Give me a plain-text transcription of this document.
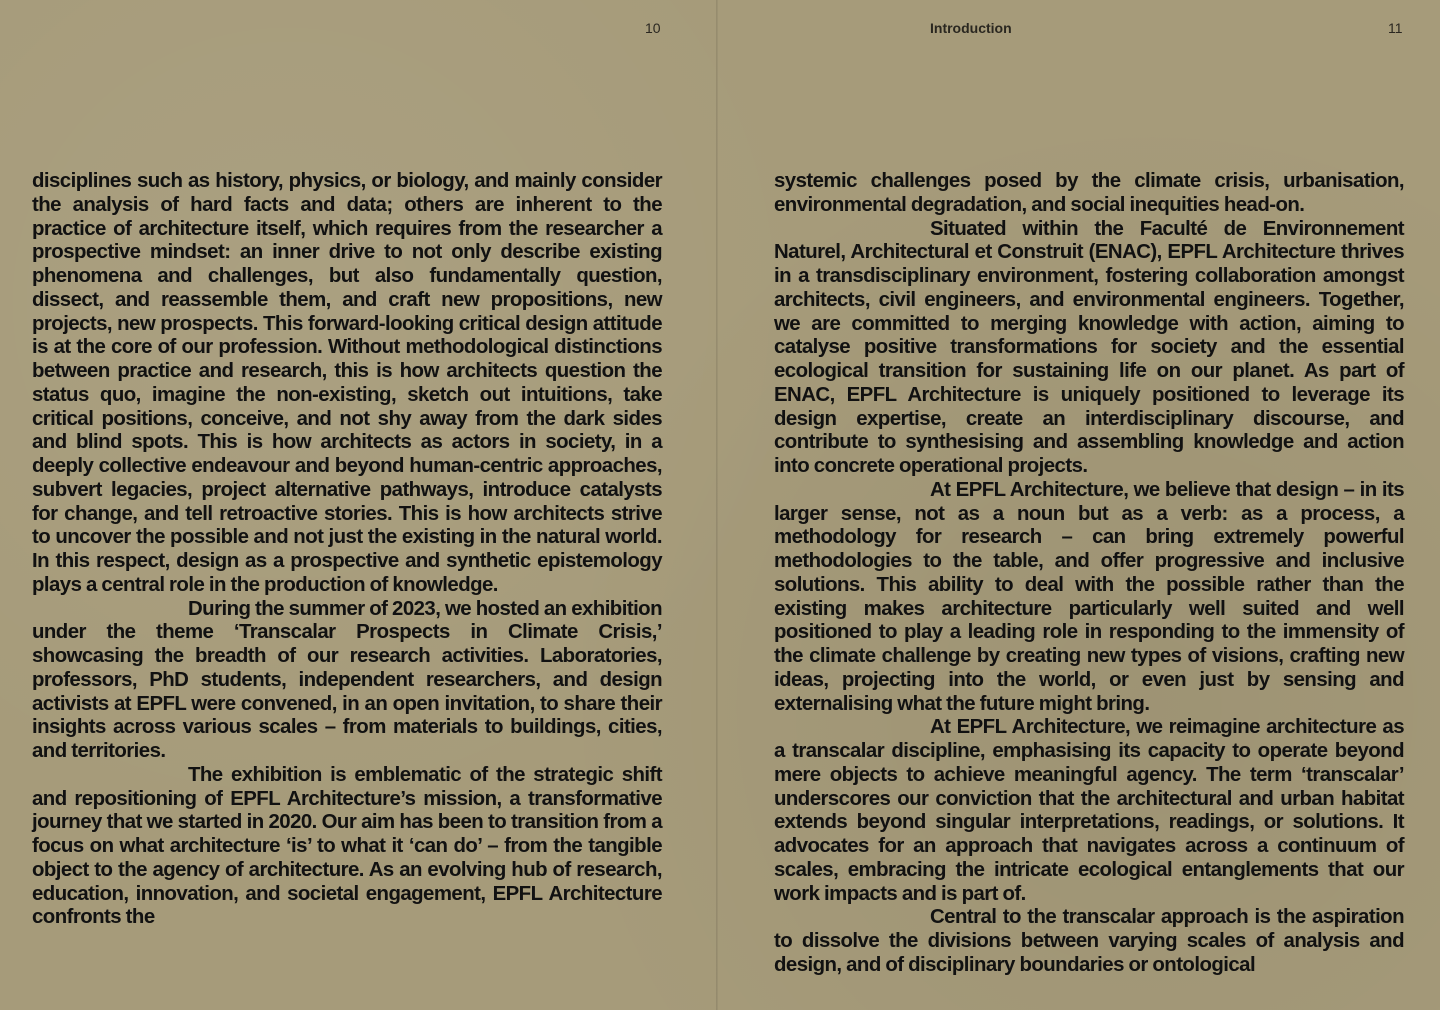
10

disciplines such as history, physics, or biology, and mainly consider the analysis of hard facts and data; others are inherent to the practice of architecture itself, which requires from the researcher a prospective mindset: an inner drive to not only describe existing phenomena and challenges, but also fundamentally question, dissect, and reassemble them, and craft new propositions, new projects, new prospects. This forward-looking critical design attitude is at the core of our profession. Without methodological distinctions between practice and research, this is how architects question the status quo, imagine the non-existing, sketch out intuitions, take critical positions, conceive, and not shy away from the dark sides and blind spots. This is how architects as actors in society, in a deeply collective endeavour and beyond human-centric approaches, subvert legacies, project alternative pathways, introduce catalysts for change, and tell retroactive stories. This is how architects strive to uncover the possible and not just the existing in the natural world. In this respect, design as a prospective and synthetic epistemology plays a central role in the production of knowledge.

During the summer of 2023, we hosted an exhibition under the theme ‘Transcalar Prospects in Climate Crisis,’ showcasing the breadth of our research activities. Laboratories, professors, PhD students, independent researchers, and design activists at EPFL were convened, in an open invitation, to share their insights across various scales – from materials to buildings, cities, and territories.

The exhibition is emblematic of the strategic shift and repositioning of EPFL Architecture’s mission, a transformative journey that we started in 2020. Our aim has been to transition from a focus on what architecture ‘is’ to what it ‘can do’ – from the tangible object to the agency of architecture. As an evolving hub of research, education, innovation, and societal engagement, EPFL Architecture confronts the

Introduction	11

systemic challenges posed by the climate crisis, urbanisation, environmental degradation, and social inequities head-on.

Situated within the Faculté de Environnement Naturel, Architectural et Construit (ENAC), EPFL Architecture thrives in a transdisciplinary environment, fostering collaboration amongst architects, civil engineers, and environmental engineers. Together, we are committed to merging knowledge with action, aiming to catalyse positive transformations for society and the essential ecological transition for sustaining life on our planet. As part of ENAC, EPFL Architecture is uniquely positioned to leverage its design expertise, create an interdisciplinary discourse, and contribute to synthesising and assembling knowledge and action into concrete operational projects.

At EPFL Architecture, we believe that design – in its larger sense, not as a noun but as a verb: as a process, a methodology for research – can bring extremely powerful methodologies to the table, and offer progressive and inclusive solutions. This ability to deal with the possible rather than the existing makes architecture particularly well suited and well positioned to play a leading role in responding to the immensity of the climate challenge by creating new types of visions, crafting new ideas, projecting into the world, or even just by sensing and externalising what the future might bring.

At EPFL Architecture, we reimagine architecture as a transcalar discipline, emphasising its capacity to operate beyond mere objects to achieve meaningful agency. The term ‘transcalar’ underscores our conviction that the architectural and urban habitat extends beyond singular interpretations, readings, or solutions. It advocates for an approach that navigates across a continuum of scales, embracing the intricate ecological entanglements that our work impacts and is part of.

Central to the transcalar approach is the aspiration to dissolve the divisions between varying scales of analysis and design, and of disciplinary boundaries or ontological
